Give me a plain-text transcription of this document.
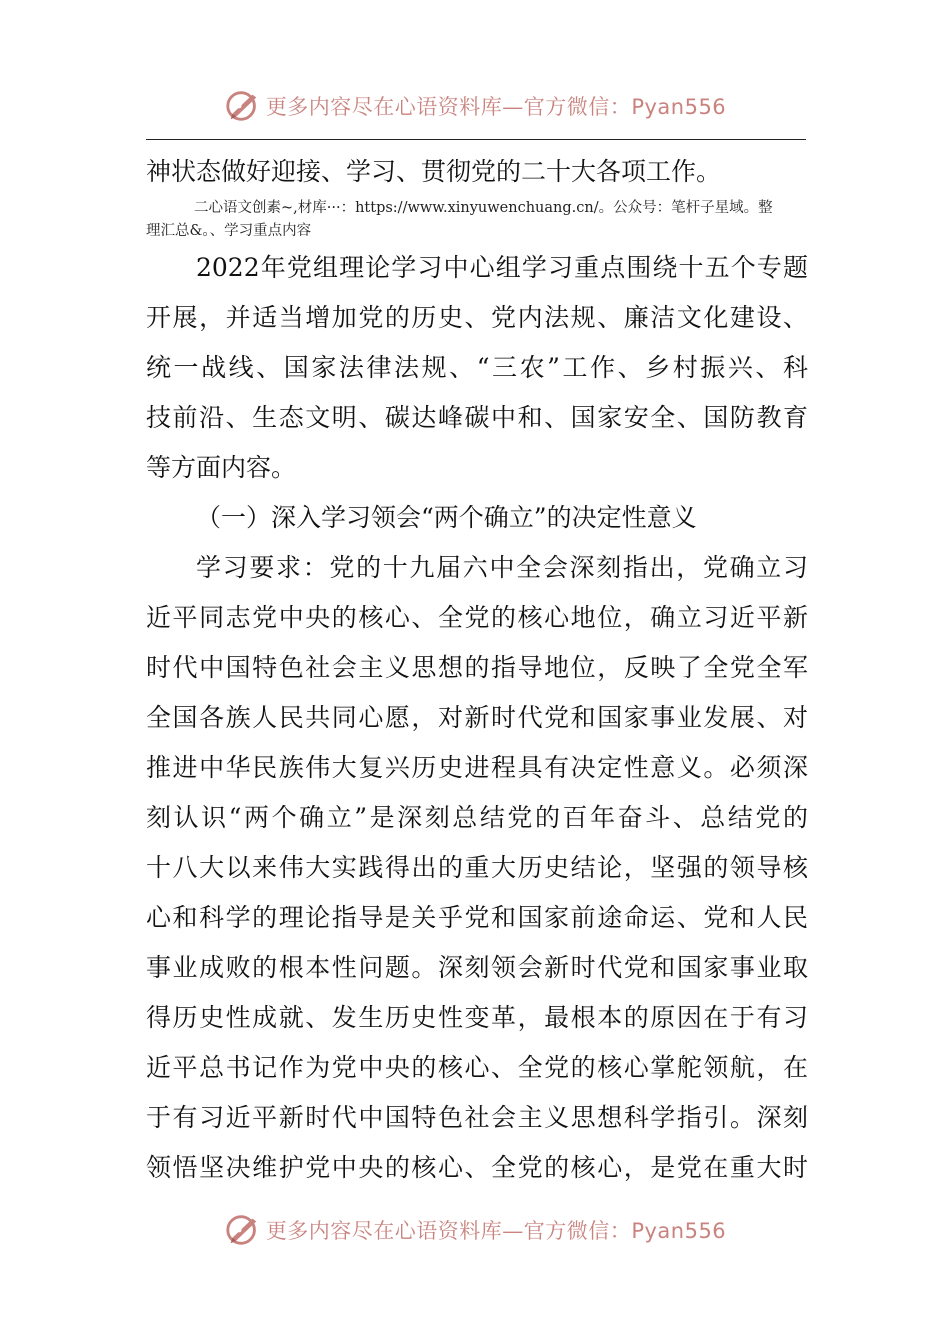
更多内容尽在心语资料库—官方微信：Pyan556
神状态做好迎接、学习、贯彻党的二十大各项工作。
二心语文创素~,材库···：https://www.xinyuwenchuang.cn/。公众号：笔杆子星域。整
理汇总&。、学习重点内容
2022年党组理论学习中心组学习重点围绕十五个专题
开展，并适当增加党的历史、党内法规、廉洁文化建设、
统一战线、国家法律法规、“三农”工作、乡村振兴、科
技前沿、生态文明、碳达峰碳中和、国家安全、国防教育
等方面内容。
（一）深入学习领会“两个确立”的决定性意义
学习要求：党的十九届六中全会深刻指出，党确立习
近平同志党中央的核心、全党的核心地位，确立习近平新
时代中国特色社会主义思想的指导地位，反映了全党全军
全国各族人民共同心愿，对新时代党和国家事业发展、对
推进中华民族伟大复兴历史进程具有决定性意义。必须深
刻认识“两个确立”是深刻总结党的百年奋斗、总结党的
十八大以来伟大实践得出的重大历史结论，坚强的领导核
心和科学的理论指导是关乎党和国家前途命运、党和人民
事业成败的根本性问题。深刻领会新时代党和国家事业取
得历史性成就、发生历史性变革，最根本的原因在于有习
近平总书记作为党中央的核心、全党的核心掌舵领航，在
于有习近平新时代中国特色社会主义思想科学指引。深刻
领悟坚决维护党中央的核心、全党的核心，是党在重大时
更多内容尽在心语资料库—官方微信：Pyan556
